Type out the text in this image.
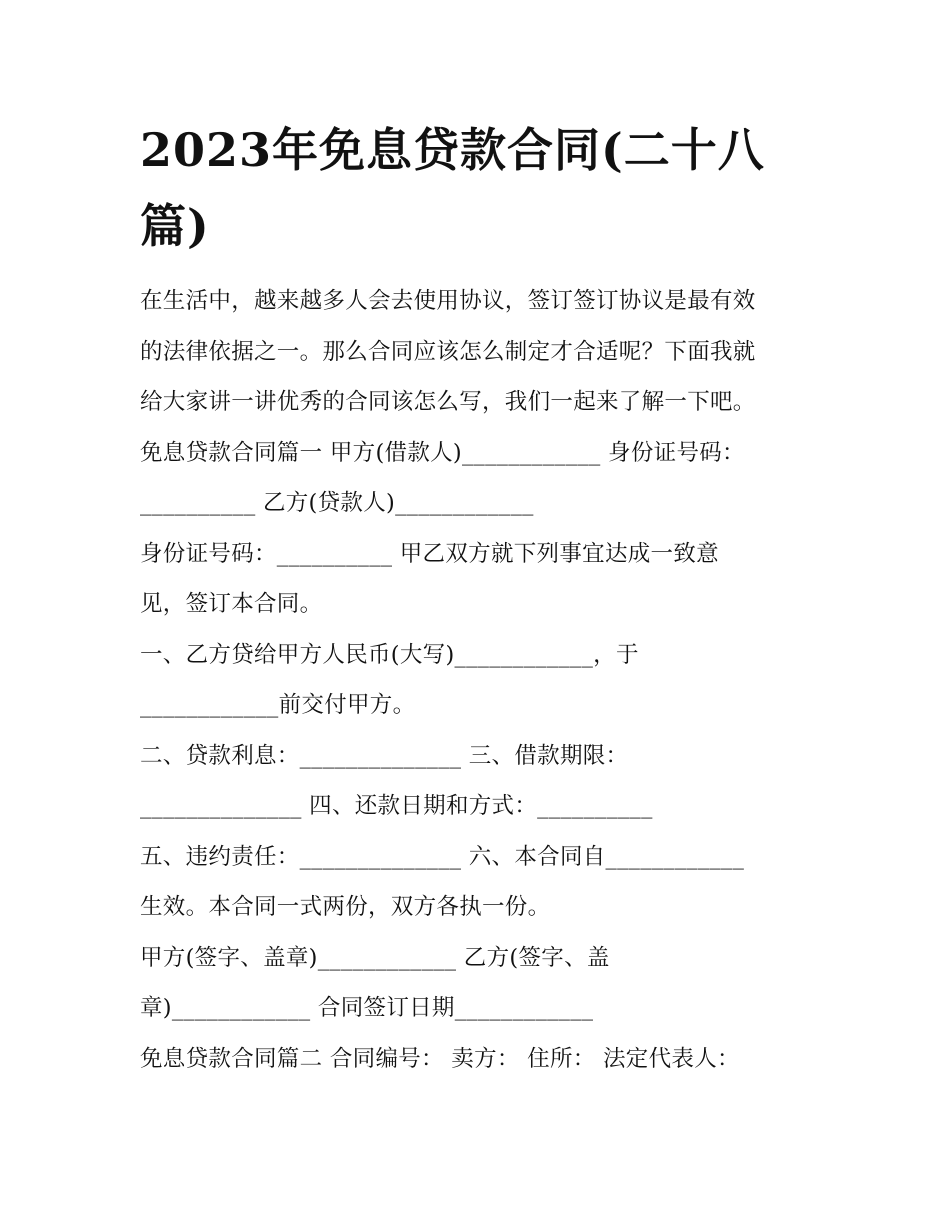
2023年免息贷款合同(二十八篇)
在生活中，越来越多人会去使用协议，签订签订协议是最有效
的法律依据之一。那么合同应该怎么制定才合适呢？下面我就
给大家讲一讲优秀的合同该怎么写，我们一起来了解一下吧。
免息贷款合同篇一 甲方(借款人)____________ 身份证号码：
__________ 乙方(贷款人)____________
身份证号码：__________ 甲乙双方就下列事宜达成一致意
见，签订本合同。
一、乙方贷给甲方人民币(大写)____________，于
____________前交付甲方。
二、贷款利息：______________ 三、借款期限：
______________ 四、还款日期和方式：__________
五、违约责任：______________ 六、本合同自____________
生效。本合同一式两份，双方各执一份。
甲方(签字、盖章)____________ 乙方(签字、盖
章)____________ 合同签订日期____________
免息贷款合同篇二 合同编号： 卖方： 住所： 法定代表人：
